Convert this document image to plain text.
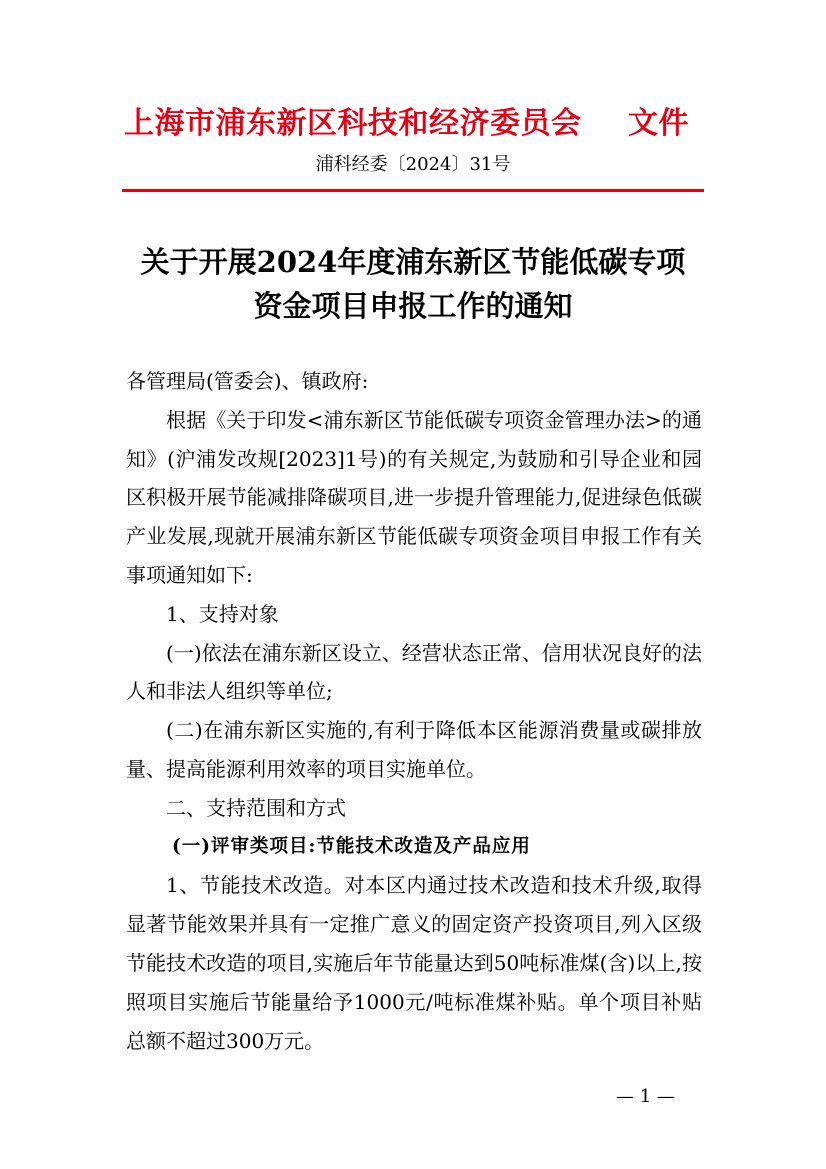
上海市浦东新区科技和经济委员会 文件
浦科经委〔2024〕31号
关于开展2024年度浦东新区节能低碳专项
资金项目申报工作的通知

各管理局(管委会)、镇政府:

根据《关于印发<浦东新区节能低碳专项资金管理办法>的通知》(沪浦发改规[2023]1号)的有关规定,为鼓励和引导企业和园区积极开展节能减排降碳项目,进一步提升管理能力,促进绿色低碳产业发展,现就开展浦东新区节能低碳专项资金项目申报工作有关事项通知如下:

1、支持对象

(一)依法在浦东新区设立、经营状态正常、信用状况良好的法人和非法人组织等单位;

(二)在浦东新区实施的,有利于降低本区能源消费量或碳排放量、提高能源利用效率的项目实施单位。

二、支持范围和方式

(一)评审类项目:节能技术改造及产品应用

1、节能技术改造。对本区内通过技术改造和技术升级,取得显著节能效果并具有一定推广意义的固定资产投资项目,列入区级节能技术改造的项目,实施后年节能量达到50吨标准煤(含)以上,按照项目实施后节能量给予1000元/吨标准煤补贴。单个项目补贴总额不超过300万元。

— 1 —
